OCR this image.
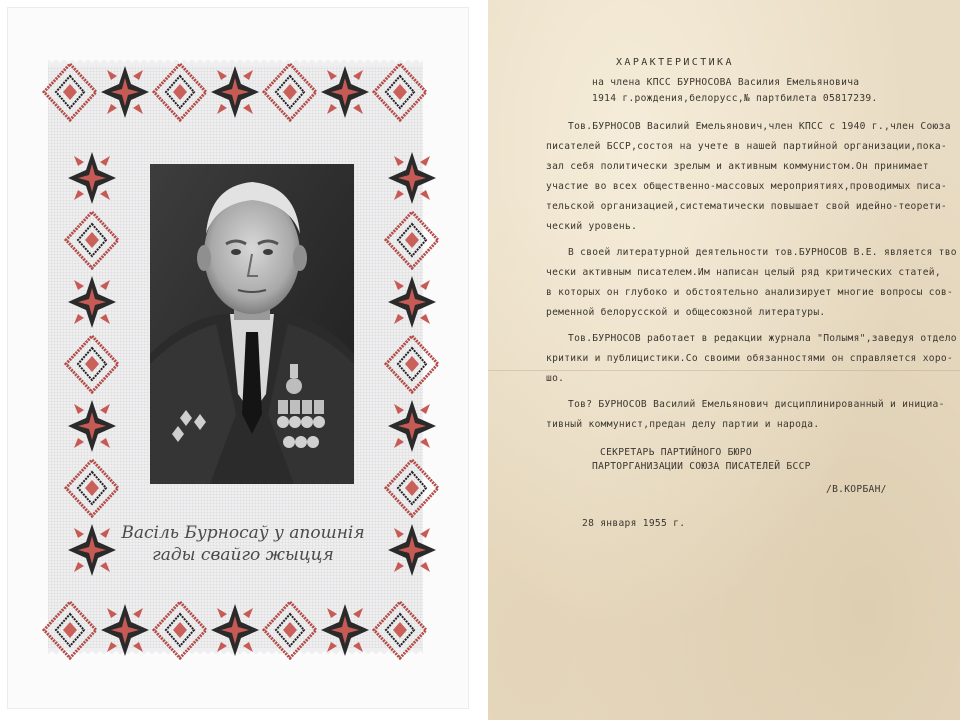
Васіль Бурносаў у апошнія
гады свайго жыцця
ХАРАКТЕРИСТИКА
на члена КПСС БУРНОСОВА Василия Емельяновича
1914 г.рождения,белорусс,№ партбилета 05817239.
Тов.БУРНОСОВ Василий Емельянович,член КПСС с 1940 г.,член Союза
писателей БССР,состоя на учете в нашей партийной организации,пока-
зал себя политически зрелым и активным коммунистом.Он принимает
участие во всех общественно-массовых мероприятиях,проводимых писа-
тельской организацией,систематически повышает свой идейно-теорети-
ческий уровень.
В своей литературной деятельности тов.БУРНОСОВ В.Е. является тво
чески активным писателем.Им написан целый ряд критических статей,
в которых он глубоко и обстоятельно анализирует многие вопросы сов-
ременной белорусской и общесоюзной литературы.
Тов.БУРНОСОВ работает в редакции журнала "Полымя",заведуя отдело
критики и публицистики.Со своими обязанностями он справляется хоро-
шо.
Тов? БУРНОСОВ Василий Емельянович дисциплинированный и инициа-
тивный коммунист,предан делу партии и народа.
СЕКРЕТАРЬ ПАРТИЙНОГО БЮРО
ПАРТОРГАНИЗАЦИИ СОЮЗА ПИСАТЕЛЕЙ БССР
/В.КОРБАН/
28 января 1955 г.
